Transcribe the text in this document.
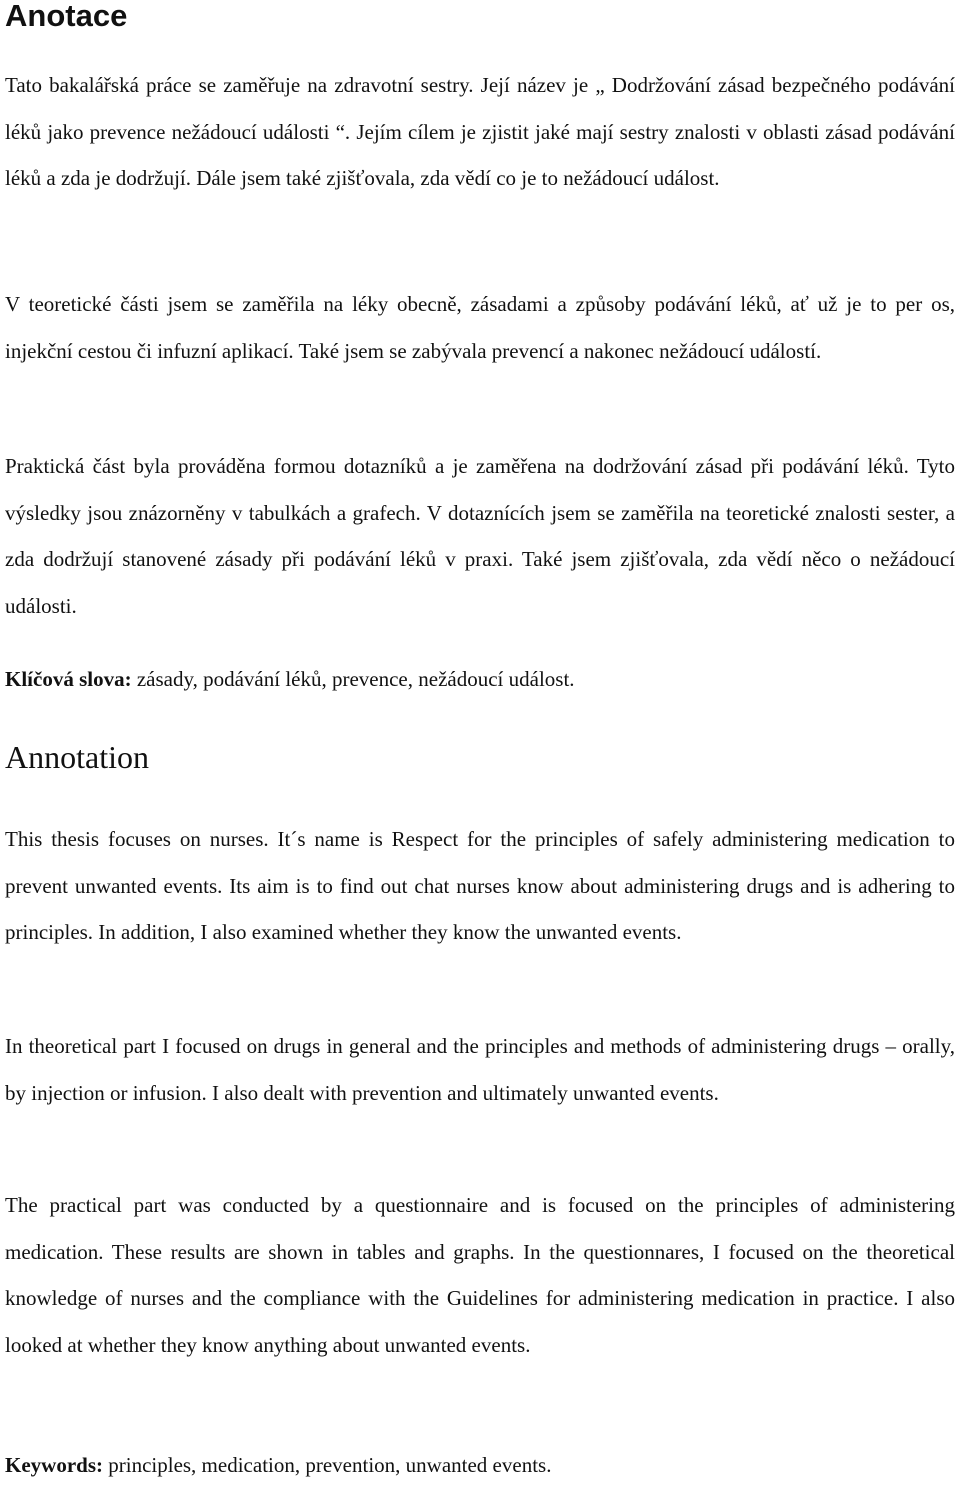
Anotace

Tato bakalářská práce se zaměřuje na zdravotní sestry. Její název je „ Dodržování zásad bezpečného podávání léků jako prevence nežádoucí události “. Jejím cílem je zjistit jaké mají sestry znalosti v oblasti zásad podávání léků a zda je dodržují. Dále jsem také zjišťovala, zda vědí co je to nežádoucí událost.

V teoretické části jsem se zaměřila na léky obecně, zásadami a způsoby podávání léků, ať už je to per os, injekční cestou či infuzní aplikací. Také jsem se zabývala prevencí a nakonec nežádoucí událostí.

Praktická část byla prováděna formou dotazníků a je zaměřena na dodržování zásad při podávání léků. Tyto výsledky jsou znázorněny v tabulkách a grafech. V dotaznících jsem se zaměřila na teoretické znalosti sester, a zda dodržují stanovené zásady při podávání léků v praxi. Také jsem zjišťovala, zda vědí něco o nežádoucí události.

Klíčová slova: zásady, podávání léků, prevence, nežádoucí událost.

Annotation

This thesis focuses on nurses. It´s name is Respect for the principles of safely administering medication to prevent unwanted events. Its aim is to find out chat nurses know about administering drugs and is adhering to principles. In addition, I also examined whether they know the unwanted events.

In theoretical part I focused on drugs in general and the principles and methods of administering drugs – orally, by injection or infusion. I also dealt with prevention and ultimately unwanted events.

The practical part was conducted by a questionnaire and is focused on the principles of administering medication. These results are shown in tables and graphs. In the questionnares, I focused on the theoretical knowledge of nurses and the compliance with the Guidelines for administering medication in practice. I also looked at whether they know anything about unwanted events.

Keywords: principles, medication, prevention, unwanted events.
